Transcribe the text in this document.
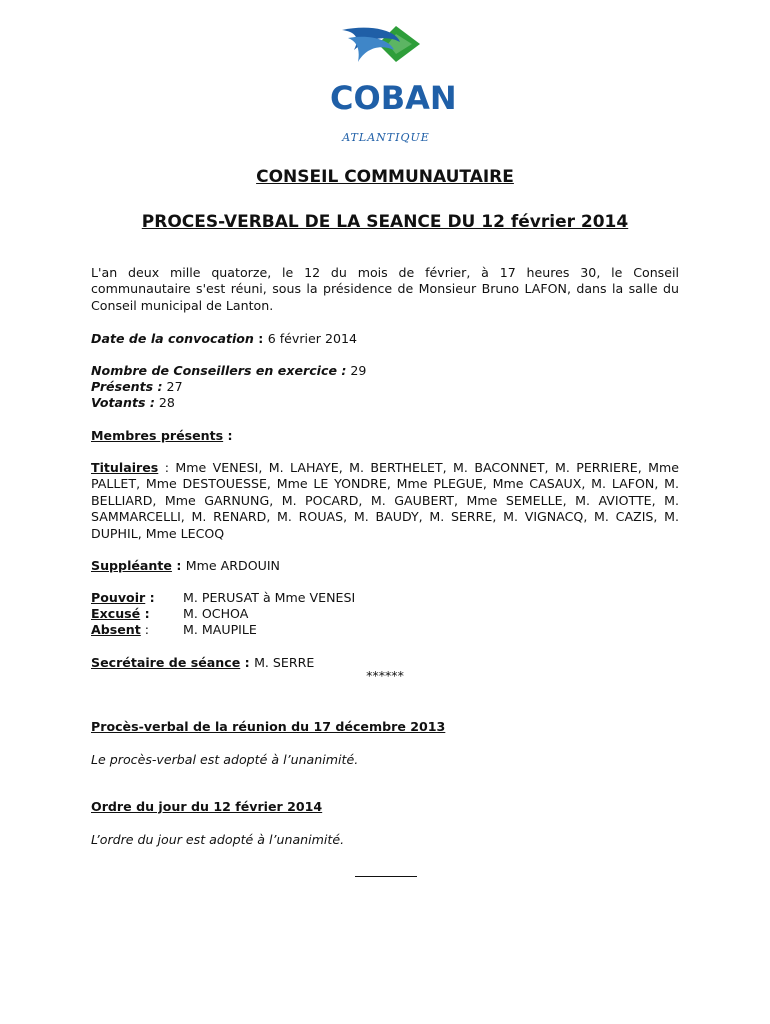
COBAN
ATLANTIQUE
CONSEIL COMMUNAUTAIRE
PROCES-VERBAL DE LA SEANCE DU 12 février 2014
L'an deux mille quatorze, le 12 du mois de février, à 17 heures 30, le Conseil communautaire s'est réuni, sous la présidence de Monsieur Bruno LAFON, dans la salle du Conseil municipal de Lanton.
Date de la convocation : 6 février 2014
Nombre de Conseillers en exercice : 29
Présents : 27
Votants : 28
Membres présents :
Titulaires : Mme VENESI, M. LAHAYE, M. BERTHELET, M. BACONNET, M. PERRIERE, Mme PALLET, Mme DESTOUESSE, Mme LE YONDRE, Mme PLEGUE, Mme CASAUX, M. LAFON, M. BELLIARD, Mme GARNUNG, M. POCARD, M. GAUBERT, Mme SEMELLE, M. AVIOTTE, M. SAMMARCELLI, M. RENARD, M. ROUAS, M. BAUDY, M. SERRE, M. VIGNACQ, M. CAZIS, M. DUPHIL, Mme LECOQ
Suppléante : Mme ARDOUIN
Pouvoir : M. PERUSAT à Mme VENESI
Excusé :	M. OCHOA
Absent :	M. MAUPILE
Secrétaire de séance : M. SERRE
******
Procès-verbal de la réunion du 17 décembre 2013
Le procès-verbal est adopté à l’unanimité.
Ordre du jour du 12 février 2014
L’ordre du jour est adopté à l’unanimité.
